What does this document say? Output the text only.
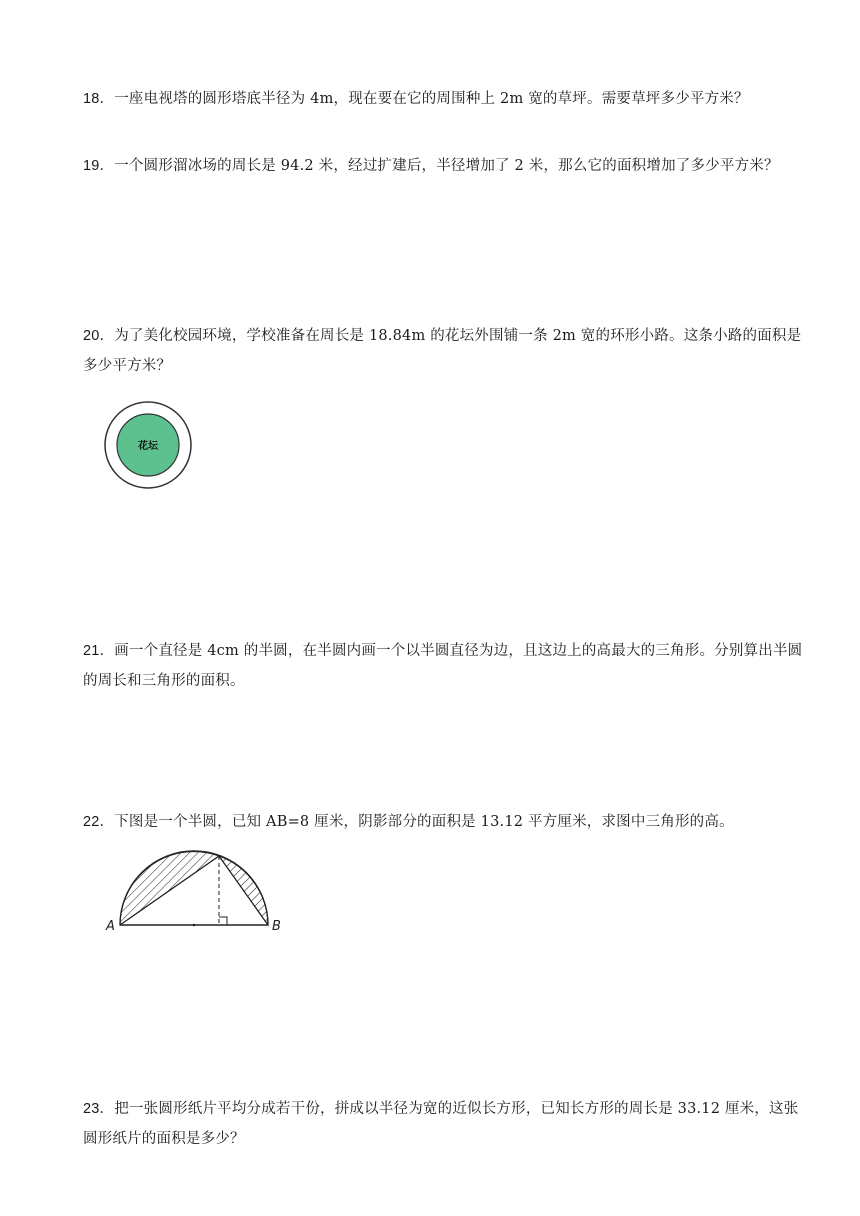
18．一座电视塔的圆形塔底半径为 4m，现在要在它的周围种上 2m 宽的草坪。需要草坪多少平方米？
19．一个圆形溜冰场的周长是 94.2 米，经过扩建后，半径增加了 2 米，那么它的面积增加了多少平方米？
20．为了美化校园环境，学校准备在周长是 18.84m 的花坛外围铺一条 2m 宽的环形小路。这条小路的面积是多少平方米？
花坛
21．画一个直径是 4cm 的半圆，在半圆内画一个以半圆直径为边，且这边上的高最大的三角形。分别算出半圆的周长和三角形的面积。
22．下图是一个半圆，已知 AB=8 厘米，阴影部分的面积是 13.12 平方厘米，求图中三角形的高。
A	B
23．把一张圆形纸片平均分成若干份，拼成以半径为宽的近似长方形，已知长方形的周长是 33.12 厘米，这张圆形纸片的面积是多少？
